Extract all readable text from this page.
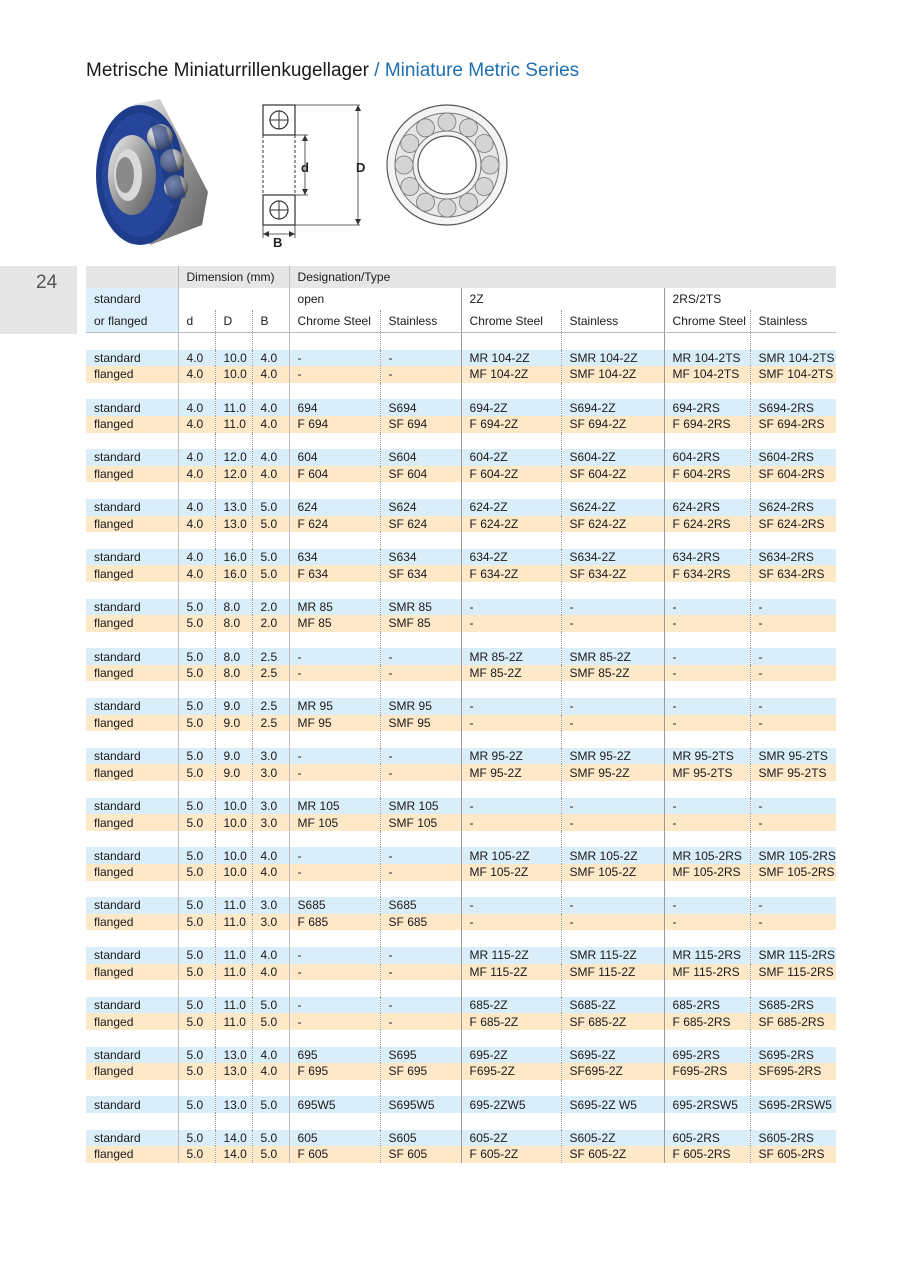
Metrische Miniaturrillenkugellager / Miniature Metric Series
24
d	D
B
	Dimension (mm)			Designation/Type					
standard				open		2Z		2RS/2TS	
or flanged	d	D	B	Chrome Steel	Stainless	Chrome Steel	Stainless	Chrome Steel	Stainless

standard	4.0	10.0	4.0	-	-	MR 104-2Z	SMR 104-2Z	MR 104-2TS	SMR 104-2TS
flanged	4.0	10.0	4.0	-	-	MF 104-2Z	SMF 104-2Z	MF 104-2TS	SMF 104-2TS

standard	4.0	11.0	4.0	694	S694	694-2Z	S694-2Z	694-2RS	S694-2RS
flanged	4.0	11.0	4.0	F 694	SF 694	F 694-2Z	SF 694-2Z	F 694-2RS	SF 694-2RS

standard	4.0	12.0	4.0	604	S604	604-2Z	S604-2Z	604-2RS	S604-2RS
flanged	4.0	12.0	4.0	F 604	SF 604	F 604-2Z	SF 604-2Z	F 604-2RS	SF 604-2RS

standard	4.0	13.0	5.0	624	S624	624-2Z	S624-2Z	624-2RS	S624-2RS
flanged	4.0	13.0	5.0	F 624	SF 624	F 624-2Z	SF 624-2Z	F 624-2RS	SF 624-2RS

standard	4.0	16.0	5.0	634	S634	634-2Z	S634-2Z	634-2RS	S634-2RS
flanged	4.0	16.0	5.0	F 634	SF 634	F 634-2Z	SF 634-2Z	F 634-2RS	SF 634-2RS

standard	5.0	8.0	2.0	MR 85	SMR 85	-	-	-	-
flanged	5.0	8.0	2.0	MF 85	SMF 85	-	-	-	-

standard	5.0	8.0	2.5	-	-	MR 85-2Z	SMR 85-2Z	-	-
flanged	5.0	8.0	2.5	-	-	MF 85-2Z	SMF 85-2Z	-	-

standard	5.0	9.0	2.5	MR 95	SMR 95	-	-	-	-
flanged	5.0	9.0	2.5	MF 95	SMF 95	-	-	-	-

standard	5.0	9.0	3.0	-	-	MR 95-2Z	SMR 95-2Z	MR 95-2TS	SMR 95-2TS
flanged	5.0	9.0	3.0	-	-	MF 95-2Z	SMF 95-2Z	MF 95-2TS	SMF 95-2TS

standard	5.0	10.0	3.0	MR 105	SMR 105	-	-	-	-
flanged	5.0	10.0	3.0	MF 105	SMF 105	-	-	-	-

standard	5.0	10.0	4.0	-	-	MR 105-2Z	SMR 105-2Z	MR 105-2RS	SMR 105-2RS
flanged	5.0	10.0	4.0	-	-	MF 105-2Z	SMF 105-2Z	MF 105-2RS	SMF 105-2RS

standard	5.0	11.0	3.0	S685	S685	-	-	-	-
flanged	5.0	11.0	3.0	F 685	SF 685	-	-	-	-

standard	5.0	11.0	4.0	-	-	MR 115-2Z	SMR 115-2Z	MR 115-2RS	SMR 115-2RS
flanged	5.0	11.0	4.0	-	-	MF 115-2Z	SMF 115-2Z	MF 115-2RS	SMF 115-2RS

standard	5.0	11.0	5.0	-	-	685-2Z	S685-2Z	685-2RS	S685-2RS
flanged	5.0	11.0	5.0	-	-	F 685-2Z	SF 685-2Z	F 685-2RS	SF 685-2RS

standard	5.0	13.0	4.0	695	S695	695-2Z	S695-2Z	695-2RS	S695-2RS
flanged	5.0	13.0	4.0	F 695	SF 695	F695-2Z	SF695-2Z	F695-2RS	SF695-2RS

standard	5.0	13.0	5.0	695W5	S695W5	695-2ZW5	S695-2Z W5	695-2RSW5	S695-2RSW5

standard	5.0	14.0	5.0	605	S605	605-2Z	S605-2Z	605-2RS	S605-2RS
flanged	5.0	14.0	5.0	F 605	SF 605	F 605-2Z	SF 605-2Z	F 605-2RS	SF 605-2RS
